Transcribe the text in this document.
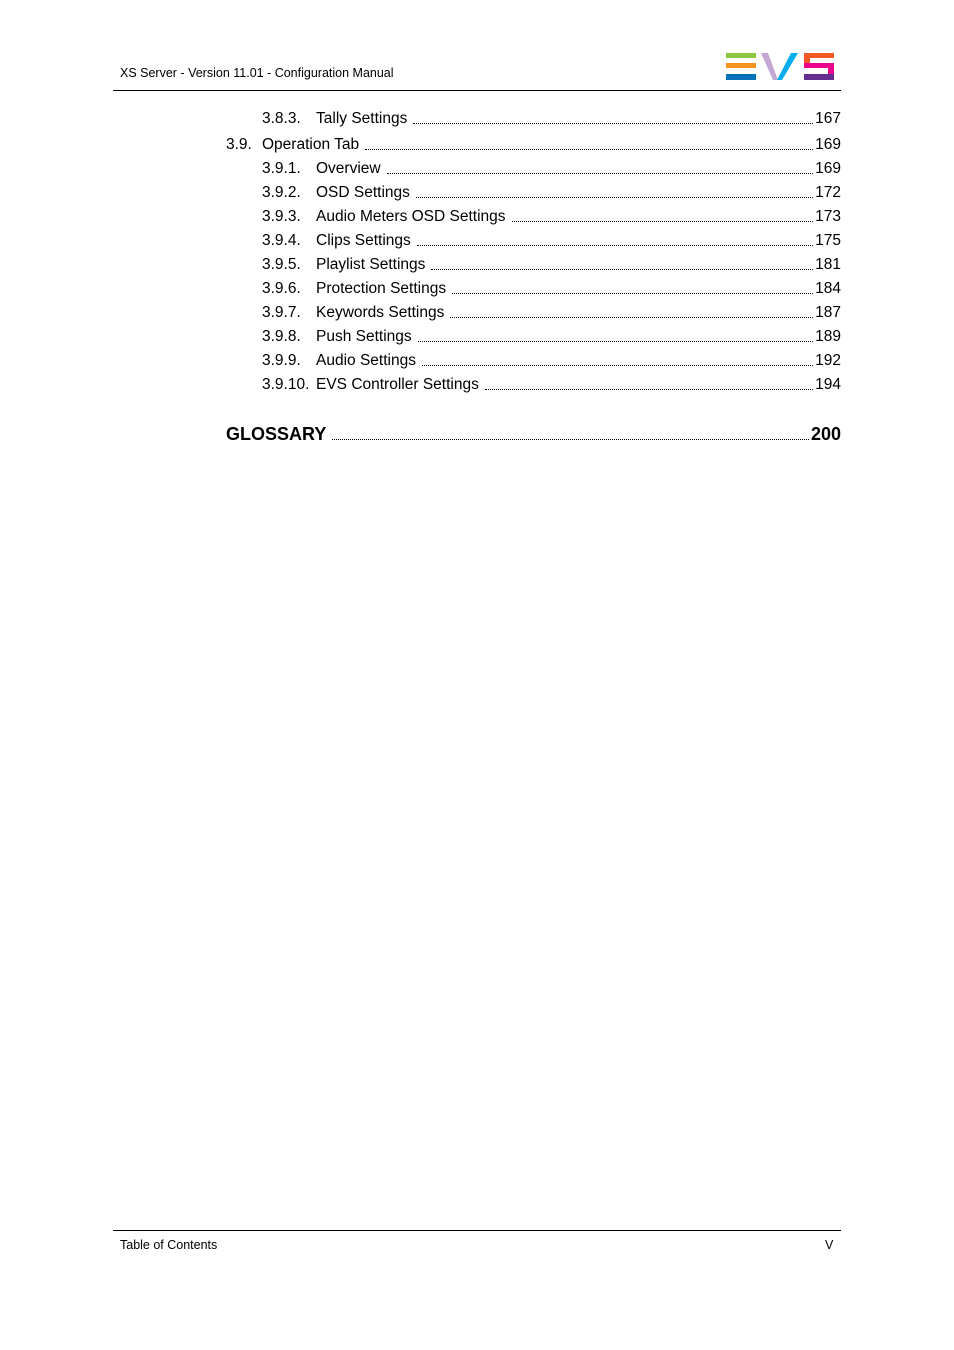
XS Server - Version 11.01 - Configuration Manual
3.8.3. Tally Settings	167
3.9. Operation Tab	169
3.9.1. Overview	169
3.9.2. OSD Settings	172
3.9.3. Audio Meters OSD Settings	173
3.9.4. Clips Settings	175
3.9.5. Playlist Settings	181
3.9.6. Protection Settings	184
3.9.7. Keywords Settings	187
3.9.8. Push Settings	189
3.9.9. Audio Settings	192
3.9.10. EVS Controller Settings	194
GLOSSARY	200
Table of Contents	V
